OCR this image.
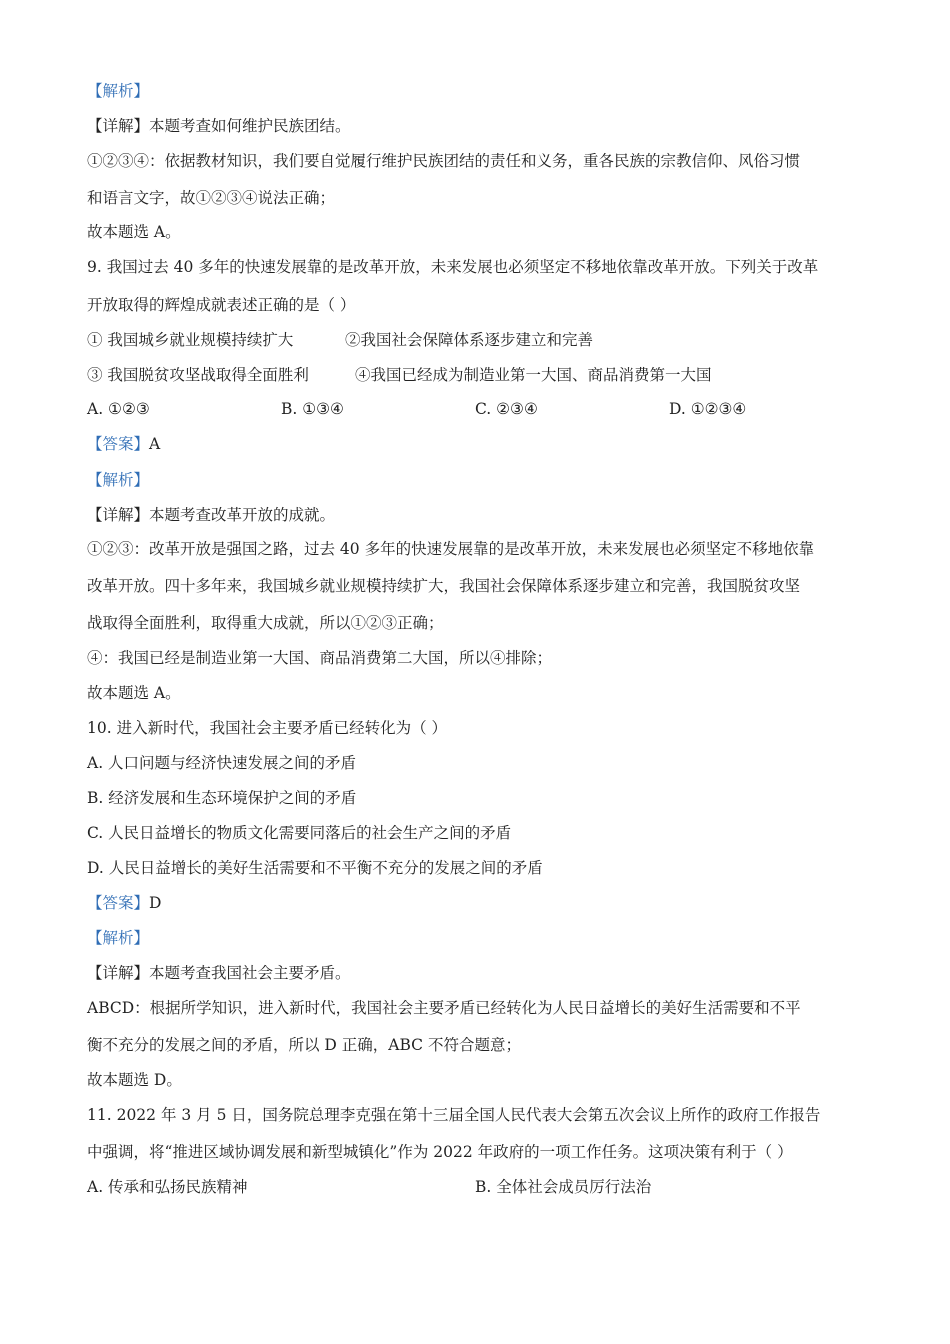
【解析】
【详解】本题考查如何维护民族团结。
①②③④：依据教材知识，我们要自觉履行维护民族团结的责任和义务，重各民族的宗教信仰、风俗习惯
和语言文字，故①②③④说法正确；
故本题选 A。
9. 我国过去 40 多年的快速发展靠的是改革开放，未来发展也必须坚定不移地依靠改革开放。下列关于改革
开放取得的辉煌成就表述正确的是（ ）
① 我国城乡就业规模持续扩大	②我国社会保障体系逐步建立和完善
③ 我国脱贫攻坚战取得全面胜利	④我国已经成为制造业第一大国、商品消费第一大国
A. ①②③	B. ①③④	C. ②③④	D. ①②③④
【答案】A
【解析】
【详解】本题考查改革开放的成就。
①②③：改革开放是强国之路，过去 40 多年的快速发展靠的是改革开放，未来发展也必须坚定不移地依靠
改革开放。四十多年来，我国城乡就业规模持续扩大，我国社会保障体系逐步建立和完善，我国脱贫攻坚
战取得全面胜利，取得重大成就，所以①②③正确；
④：我国已经是制造业第一大国、商品消费第二大国，所以④排除；
故本题选 A。
10. 进入新时代，我国社会主要矛盾已经转化为（ ）
A. 人口问题与经济快速发展之间的矛盾
B. 经济发展和生态环境保护之间的矛盾
C. 人民日益增长的物质文化需要同落后的社会生产之间的矛盾
D. 人民日益增长的美好生活需要和不平衡不充分的发展之间的矛盾
【答案】D
【解析】
【详解】本题考查我国社会主要矛盾。
ABCD：根据所学知识，进入新时代，我国社会主要矛盾已经转化为人民日益增长的美好生活需要和不平
衡不充分的发展之间的矛盾，所以 D 正确，ABC 不符合题意；
故本题选 D。
11. 2022 年 3 月 5 日，国务院总理李克强在第十三届全国人民代表大会第五次会议上所作的政府工作报告
中强调，将“推进区域协调发展和新型城镇化”作为 2022 年政府的一项工作任务。这项决策有利于（ ）
A. 传承和弘扬民族精神	B. 全体社会成员厉行法治
